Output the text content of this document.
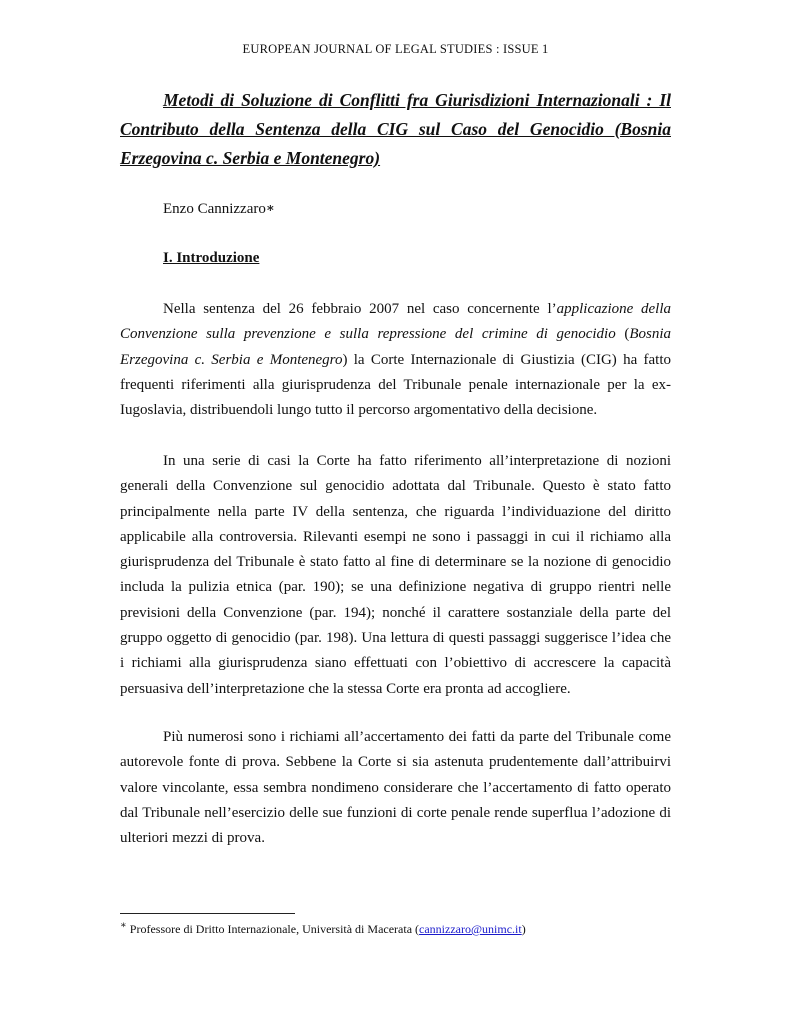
EUROPEAN JOURNAL OF LEGAL STUDIES : ISSUE 1
Metodi di Soluzione di Conflitti fra Giurisdizioni Internazionali : Il Contributo della Sentenza della CIG sul Caso del Genocidio (Bosnia Erzegovina c. Serbia e Montenegro)
Enzo Cannizzaro∗
I. Introduzione
Nella sentenza del 26 febbraio 2007 nel caso concernente l’applicazione della Convenzione sulla prevenzione e sulla repressione del crimine di genocidio (Bosnia Erzegovina c. Serbia e Montenegro) la Corte Internazionale di Giustizia (CIG) ha fatto frequenti riferimenti alla giurisprudenza del Tribunale penale internazionale per la ex-Iugoslavia, distribuendoli lungo tutto il percorso argomentativo della decisione.
In una serie di casi la Corte ha fatto riferimento all’interpretazione di nozioni generali della Convenzione sul genocidio adottata dal Tribunale. Questo è stato fatto principalmente nella parte IV della sentenza, che riguarda l’individuazione del diritto applicabile alla controversia. Rilevanti esempi ne sono i passaggi in cui il richiamo alla giurisprudenza del Tribunale è stato fatto al fine di determinare se la nozione di genocidio includa la pulizia etnica (par. 190); se una definizione negativa di gruppo rientri nelle previsioni della Convenzione (par. 194); nonché il carattere sostanziale della parte del gruppo oggetto di genocidio (par. 198). Una lettura di questi passaggi suggerisce l’idea che i richiami alla giurisprudenza siano effettuati con l’obiettivo di accrescere la capacità persuasiva dell’interpretazione che la stessa Corte era pronta ad accogliere.
Più numerosi sono i richiami all’accertamento dei fatti da parte del Tribunale come autorevole fonte di prova. Sebbene la Corte si sia astenuta prudentemente dall’attribuirvi valore vincolante, essa sembra nondimeno considerare che l’accertamento di fatto operato dal Tribunale nell’esercizio delle sue funzioni di corte penale rende superflua l’adozione di ulteriori mezzi di prova.
∗ Professore di Dritto Internazionale, Università di Macerata (cannizzaro@unimc.it)
